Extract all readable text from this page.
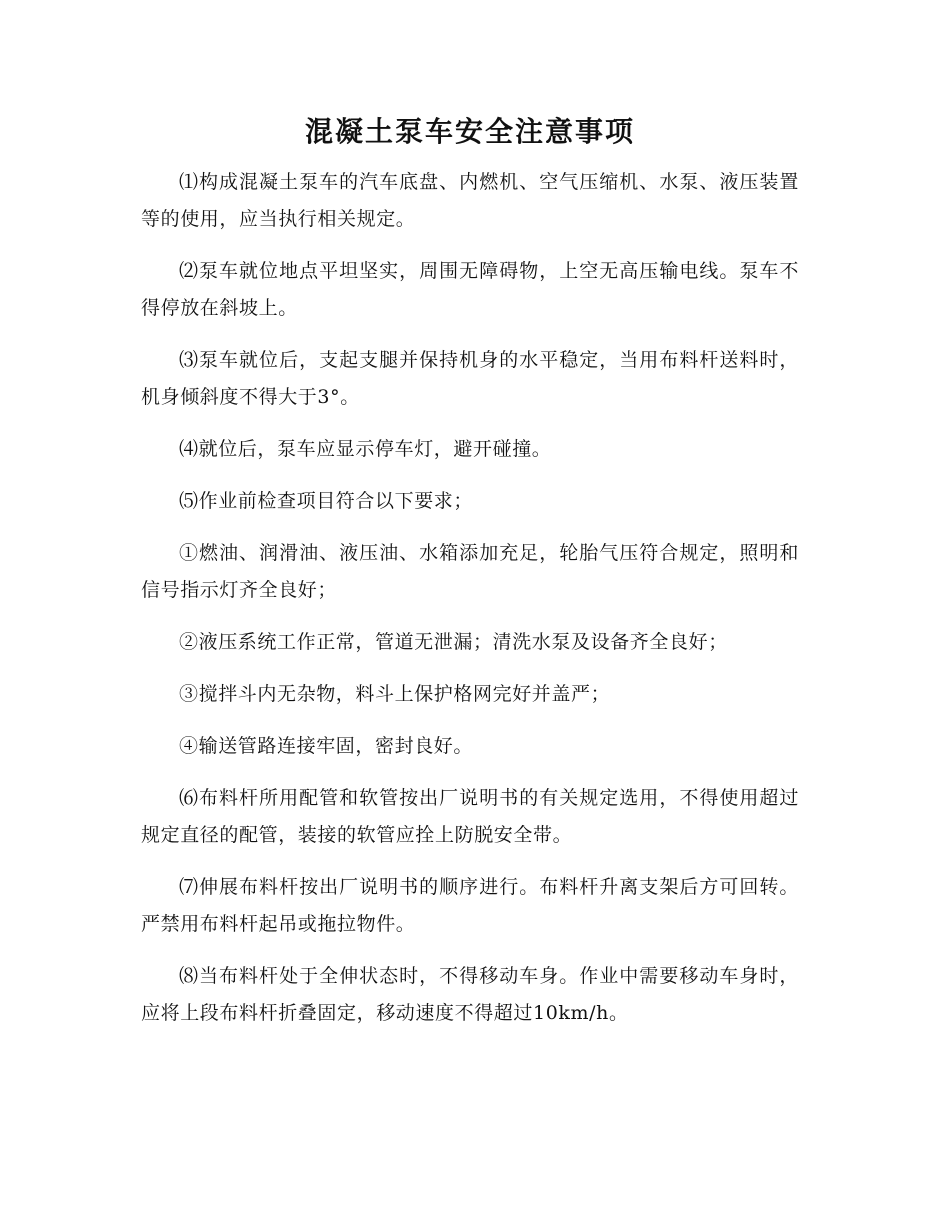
混凝土泵车安全注意事项

⑴构成混凝土泵车的汽车底盘、内燃机、空气压缩机、水泵、液压装置等的使用，应当执行相关规定。

⑵泵车就位地点平坦坚实，周围无障碍物，上空无高压输电线。泵车不得停放在斜坡上。

⑶泵车就位后，支起支腿并保持机身的水平稳定，当用布料杆送料时，机身倾斜度不得大于3°。

⑷就位后，泵车应显示停车灯，避开碰撞。

⑸作业前检查项目符合以下要求；

①燃油、润滑油、液压油、水箱添加充足，轮胎气压符合规定，照明和信号指示灯齐全良好；

②液压系统工作正常，管道无泄漏；清洗水泵及设备齐全良好；

③搅拌斗内无杂物，料斗上保护格网完好并盖严；

④输送管路连接牢固，密封良好。

⑹布料杆所用配管和软管按出厂说明书的有关规定选用，不得使用超过规定直径的配管，装接的软管应拴上防脱安全带。

⑺伸展布料杆按出厂说明书的顺序进行。布料杆升离支架后方可回转。严禁用布料杆起吊或拖拉物件。

⑻当布料杆处于全伸状态时，不得移动车身。作业中需要移动车身时，应将上段布料杆折叠固定，移动速度不得超过10km/h。
